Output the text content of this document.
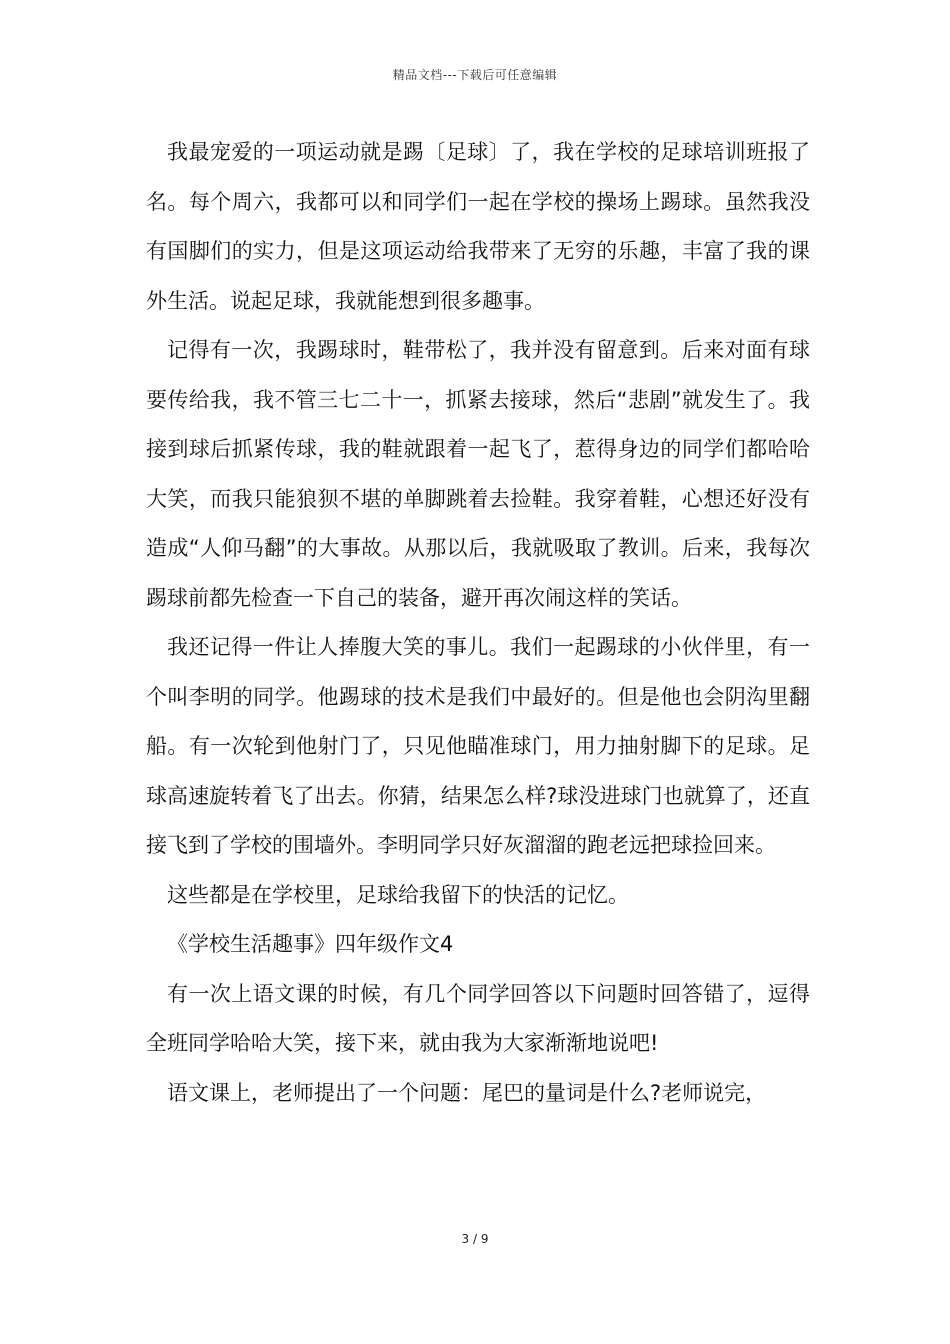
精品文档---下载后可任意编辑

我最宠爱的一项运动就是踢〔足球〕了，我在学校的足球培训班报了名。每个周六，我都可以和同学们一起在学校的操场上踢球。虽然我没有国脚们的实力，但是这项运动给我带来了无穷的乐趣，丰富了我的课外生活。说起足球，我就能想到很多趣事。

记得有一次，我踢球时，鞋带松了，我并没有留意到。后来对面有球要传给我，我不管三七二十一，抓紧去接球，然后“悲剧”就发生了。我接到球后抓紧传球，我的鞋就跟着一起飞了，惹得身边的同学们都哈哈大笑，而我只能狼狈不堪的单脚跳着去捡鞋。我穿着鞋，心想还好没有造成“人仰马翻”的大事故。从那以后，我就吸取了教训。后来，我每次踢球前都先检查一下自己的装备，避开再次闹这样的笑话。

我还记得一件让人捧腹大笑的事儿。我们一起踢球的小伙伴里，有一个叫李明的同学。他踢球的技术是我们中最好的。但是他也会阴沟里翻船。有一次轮到他射门了，只见他瞄准球门，用力抽射脚下的足球。足球高速旋转着飞了出去。你猜，结果怎么样?球没进球门也就算了，还直接飞到了学校的围墙外。李明同学只好灰溜溜的跑老远把球捡回来。

这些都是在学校里，足球给我留下的快活的记忆。

《学校生活趣事》四年级作文4

有一次上语文课的时候，有几个同学回答以下问题时回答错了，逗得全班同学哈哈大笑，接下来，就由我为大家渐渐地说吧!

语文课上，老师提出了一个问题：尾巴的量词是什么?老师说完，

3 / 9
